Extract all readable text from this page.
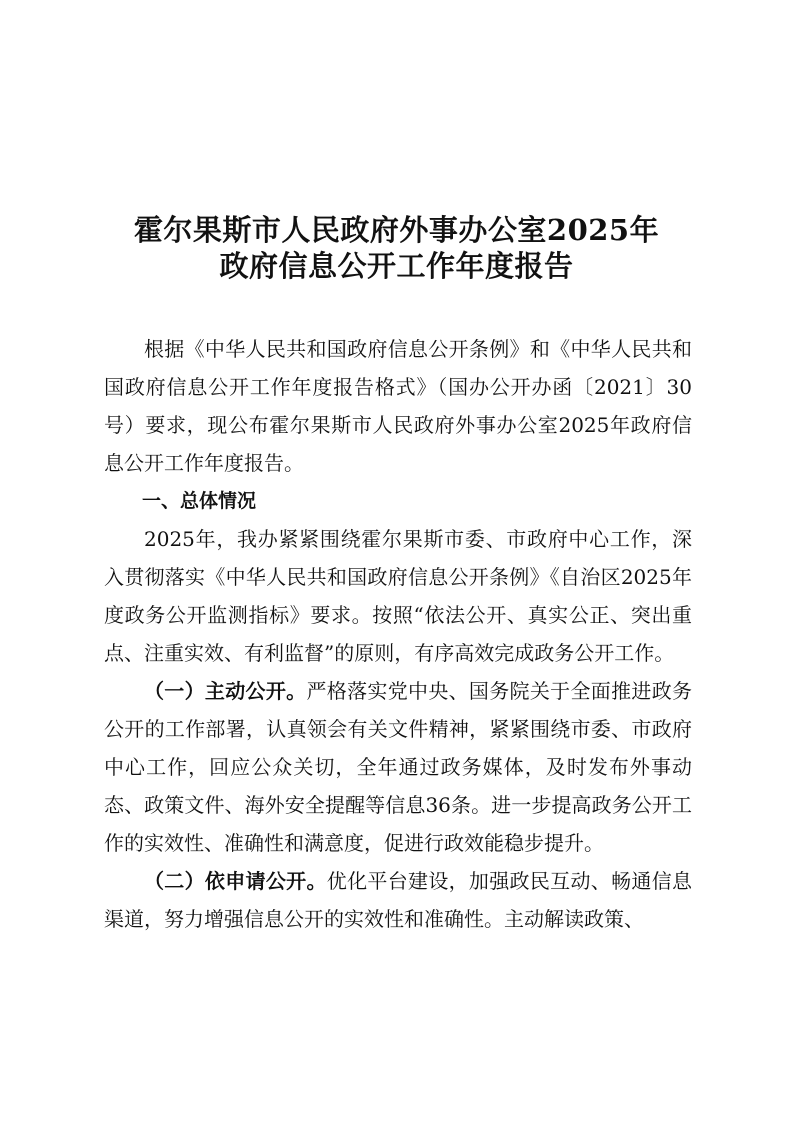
霍尔果斯市人民政府外事办公室2025年
政府信息公开工作年度报告

根据《中华人民共和国政府信息公开条例》和《中华人民共和国政府信息公开工作年度报告格式》（国办公开办函〔2021〕30号）要求，现公布霍尔果斯市人民政府外事办公室2025年政府信息公开工作年度报告。

一、总体情况

2025年，我办紧紧围绕霍尔果斯市委、市政府中心工作，深入贯彻落实《中华人民共和国政府信息公开条例》《自治区2025年度政务公开监测指标》要求。按照“依法公开、真实公正、突出重点、注重实效、有利监督”的原则，有序高效完成政务公开工作。

（一）主动公开。严格落实党中央、国务院关于全面推进政务公开的工作部署，认真领会有关文件精神，紧紧围绕市委、市政府中心工作，回应公众关切，全年通过政务媒体，及时发布外事动态、政策文件、海外安全提醒等信息36条。进一步提高政务公开工作的实效性、准确性和满意度，促进行政效能稳步提升。

（二）依申请公开。优化平台建设，加强政民互动、畅通信息渠道，努力增强信息公开的实效性和准确性。主动解读政策、
